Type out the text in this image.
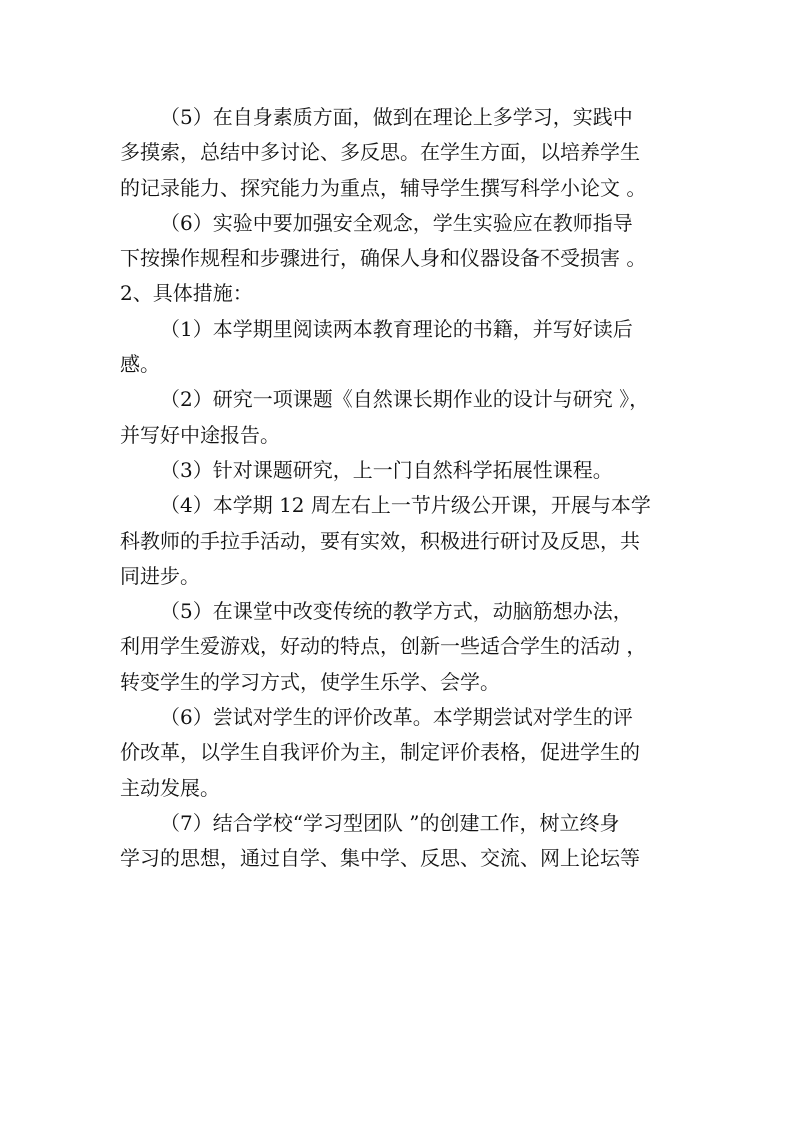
（5）在自身素质方面，做到在理论上多学习，实践中
多摸索，总结中多讨论、多反思。在学生方面，以培养学生
的记录能力、探究能力为重点，辅导学生撰写科学小论文 。
（6）实验中要加强安全观念，学生实验应在教师指导
下按操作规程和步骤进行，确保人身和仪器设备不受损害 。
2、具体措施：
（1）本学期里阅读两本教育理论的书籍，并写好读后
感。
（2）研究一项课题《自然课长期作业的设计与研究 》，
并写好中途报告。
（3）针对课题研究，上一门自然科学拓展性课程。
（4）本学期 12 周左右上一节片级公开课，开展与本学
科教师的手拉手活动，要有实效，积极进行研讨及反思，共
同进步。
（5）在课堂中改变传统的教学方式，动脑筋想办法，
利用学生爱游戏，好动的特点，创新一些适合学生的活动 ，
转变学生的学习方式，使学生乐学、会学。
（6）尝试对学生的评价改革。本学期尝试对学生的评
价改革，以学生自我评价为主，制定评价表格，促进学生的
主动发展。
（7）结合学校“学习型团队 ”的创建工作，树立终身
学习的思想，通过自学、集中学、反思、交流、网上论坛等
